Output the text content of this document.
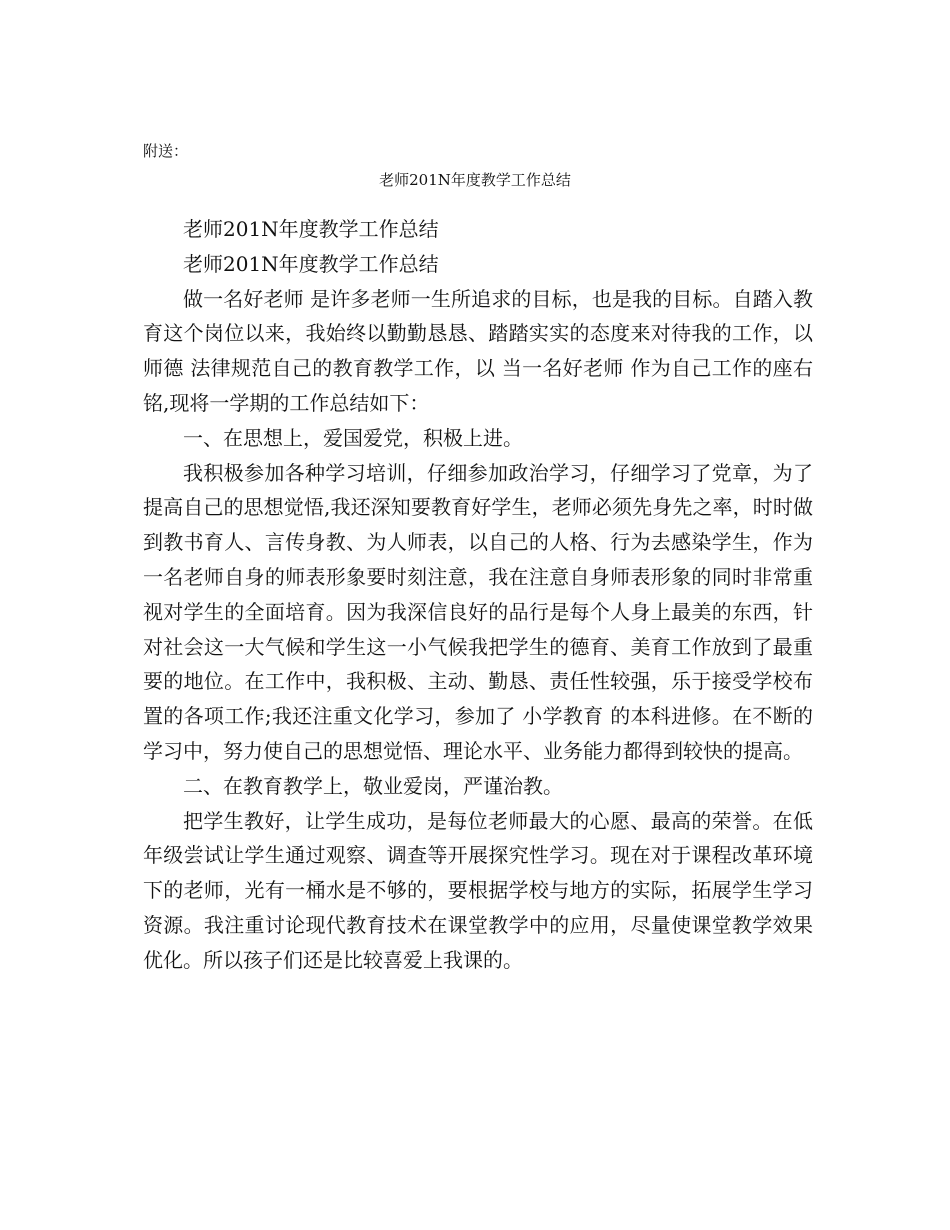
附送：
老师201N年度教学工作总结

老师201N年度教学工作总结

老师201N年度教学工作总结

做一名好老师 是许多老师一生所追求的目标，也是我的目标。自踏入教育这个岗位以来，我始终以勤勤恳恳、踏踏实实的态度来对待我的工作，以 师德 法律规范自己的教育教学工作，以 当一名好老师 作为自己工作的座右铭,现将一学期的工作总结如下：

一、在思想上，爱国爱党，积极上进。

我积极参加各种学习培训，仔细参加政治学习，仔细学习了党章，为了提高自己的思想觉悟,我还深知要教育好学生，老师必须先身先之率，时时做到教书育人、言传身教、为人师表，以自己的人格、行为去感染学生，作为一名老师自身的师表形象要时刻注意，我在注意自身师表形象的同时非常重视对学生的全面培育。因为我深信良好的品行是每个人身上最美的东西，针对社会这一大气候和学生这一小气候我把学生的德育、美育工作放到了最重要的地位。在工作中，我积极、主动、勤恳、责任性较强，乐于接受学校布置的各项工作;我还注重文化学习，参加了 小学教育 的本科进修。在不断的学习中，努力使自己的思想觉悟、理论水平、业务能力都得到较快的提高。

二、在教育教学上，敬业爱岗，严谨治教。

把学生教好，让学生成功，是每位老师最大的心愿、最高的荣誉。在低年级尝试让学生通过观察、调查等开展探究性学习。现在对于课程改革环境下的老师，光有一桶水是不够的，要根据学校与地方的实际，拓展学生学习资源。我注重讨论现代教育技术在课堂教学中的应用，尽量使课堂教学效果优化。所以孩子们还是比较喜爱上我课的。
